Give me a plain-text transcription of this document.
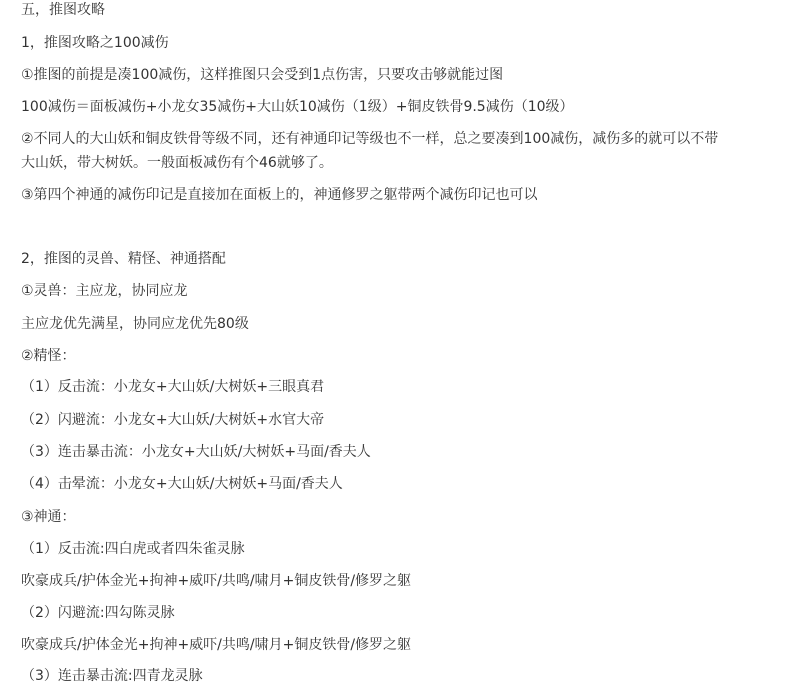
五，推图攻略
1，推图攻略之100减伤
①推图的前提是凑100减伤，这样推图只会受到1点伤害，只要攻击够就能过图
100减伤＝面板减伤+小龙女35减伤+大山妖10减伤（1级）+铜皮铁骨9.5减伤（10级）
②不同人的大山妖和铜皮铁骨等级不同，还有神通印记等级也不一样，总之要凑到100减伤，减伤多的就可以不带
大山妖，带大树妖。一般面板减伤有个46就够了。
③第四个神通的减伤印记是直接加在面板上的，神通修罗之躯带两个减伤印记也可以
2，推图的灵兽、精怪、神通搭配
①灵兽：主应龙，协同应龙
主应龙优先满星，协同应龙优先80级
②精怪：
（1）反击流：小龙女+大山妖/大树妖+三眼真君
（2）闪避流：小龙女+大山妖/大树妖+水官大帝
（3）连击暴击流：小龙女+大山妖/大树妖+马面/香夫人
（4）击晕流：小龙女+大山妖/大树妖+马面/香夫人
③神通：
（1）反击流:四白虎或者四朱雀灵脉
吹豪成兵/护体金光+拘神+威吓/共鸣/啸月+铜皮铁骨/修罗之躯
（2）闪避流:四勾陈灵脉
吹豪成兵/护体金光+拘神+威吓/共鸣/啸月+铜皮铁骨/修罗之躯
（3）连击暴击流:四青龙灵脉
